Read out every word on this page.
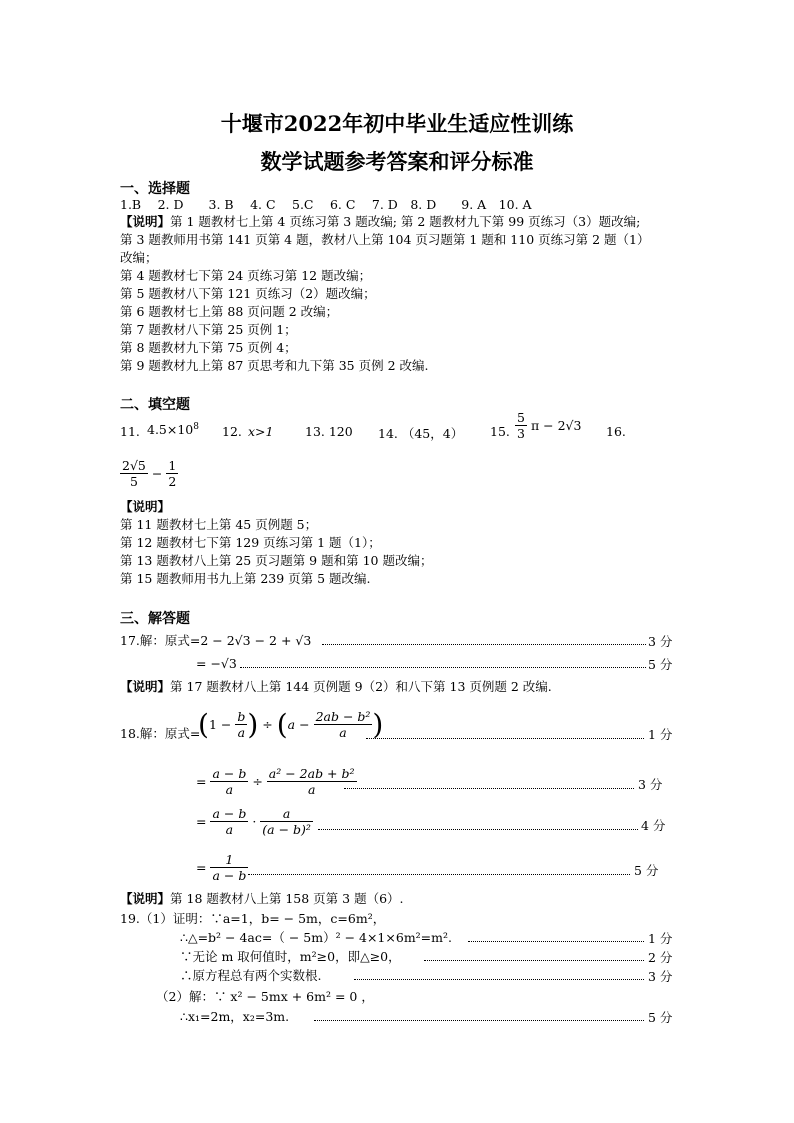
十堰市2022年初中毕业生适应性训练
数学试题参考答案和评分标准
一、选择题
1.B　 2. D　　3. B　 4. C　 5.C　 6. C　 7. D　8. D　　9. A　10. A
【说明】第 1 题教材七上第 4 页练习第 3 题改编; 第 2 题教材九下第 99 页练习（3）题改编;
第 3 题教师用书第 141 页第 4 题，教材八上第 104 页习题第 1 题和 110 页练习第 2 题（1）
改编；
第 4 题教材七下第 24 页练习第 12 题改编；
第 5 题教材八下第 121 页练习（2）题改编；
第 6 题教材七上第 88 页问题 2 改编；
第 7 题教材八下第 25 页例 1；
第 8 题教材九下第 75 页例 4；
第 9 题教材九上第 87 页思考和九下第 35 页例 2 改编.
二、填空题
11. $4.5\times 10^8$ 12. x>1	13. 120 14. （45，4） 15. $\frac{5}{3}$ π − 2√3 16.
$\frac{2√5}{5} - \frac{1}{2}$
【说明】
第 11 题教材七上第 45 页例题 5；
第 12 题教材七下第 129 页练习第 1 题（1）；
第 13 题教材八上第 25 页习题第 9 题和第 10 题改编；
第 15 题教师用书九上第 239 页第 5 题改编.
三、解答题
17.解：原式=2 − 2√3 − 2 + √3	3 分
= −√3	5 分
【说明】第 17 题教材八上第 144 页例题 9（2）和八下第 13 页例题 2 改编.
18.解：原式=
($1 - \frac{b}{a}$ ) ÷ ($a - \frac{\text{2ab − b²}}{a}$ )	1 分
= $\frac{a - b}{a} \div \frac{\text{a² − 2ab + b²}}{a}$	3 分
= $\frac{a - b}{a} \cdot \frac{a}{\text{(a − b)²}}$	4 分
= $\frac{1}{a - b}$	5 分
【说明】第 18 题教材八上第 158 页第 3 题（6）.
19.（1）证明：∵a=1，b= − 5m，c=6m²，
∴△=b² − 4ac=（ − 5m）² − 4×1×6m²=m².	1 分
∵无论 m 取何值时，m²≥0，即△≥0，	2 分
∴原方程总有两个实数根.	3 分
（2）解：∵ x² − 5mx + 6m² = 0 ，
∴x₁=2m，x₂=3m.	5 分
